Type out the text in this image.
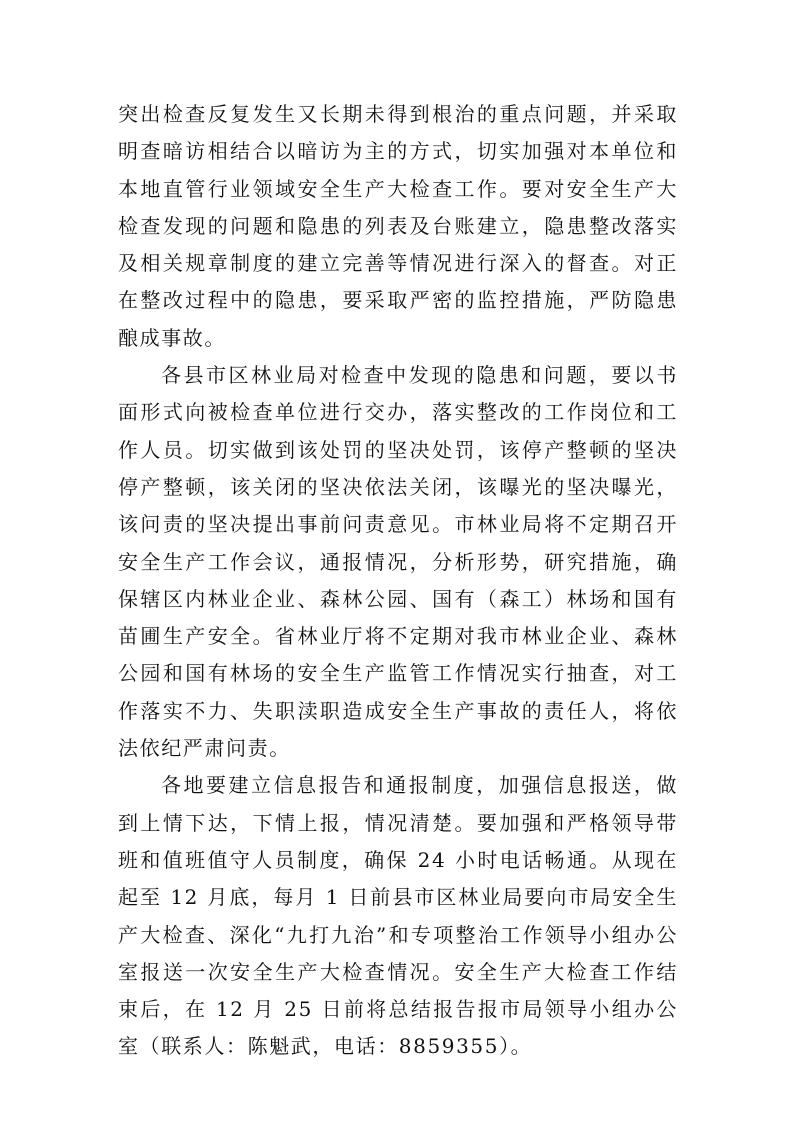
突出检查反复发生又长期未得到根治的重点问题，并采取明查暗访相结合以暗访为主的方式，切实加强对本单位和本地直管行业领域安全生产大检查工作。要对安全生产大检查发现的问题和隐患的列表及台账建立，隐患整改落实及相关规章制度的建立完善等情况进行深入的督查。对正在整改过程中的隐患，要采取严密的监控措施，严防隐患酿成事故。

各县市区林业局对检查中发现的隐患和问题，要以书面形式向被检查单位进行交办，落实整改的工作岗位和工作人员。切实做到该处罚的坚决处罚，该停产整顿的坚决停产整顿，该关闭的坚决依法关闭，该曝光的坚决曝光，该问责的坚决提出事前问责意见。市林业局将不定期召开安全生产工作会议，通报情况，分析形势，研究措施，确保辖区内林业企业、森林公园、国有（森工）林场和国有苗圃生产安全。省林业厅将不定期对我市林业企业、森林公园和国有林场的安全生产监管工作情况实行抽查，对工作落实不力、失职渎职造成安全生产事故的责任人，将依法依纪严肃问责。

各地要建立信息报告和通报制度，加强信息报送，做到上情下达，下情上报，情况清楚。要加强和严格领导带班和值班值守人员制度，确保 24 小时电话畅通。从现在起至 12 月底，每月 1 日前县市区林业局要向市局安全生产大检查、深化“九打九治”和专项整治工作领导小组办公室报送一次安全生产大检查情况。安全生产大检查工作结束后，在 12 月 25 日前将总结报告报市局领导小组办公室（联系人：陈魁武，电话：8859355）。
